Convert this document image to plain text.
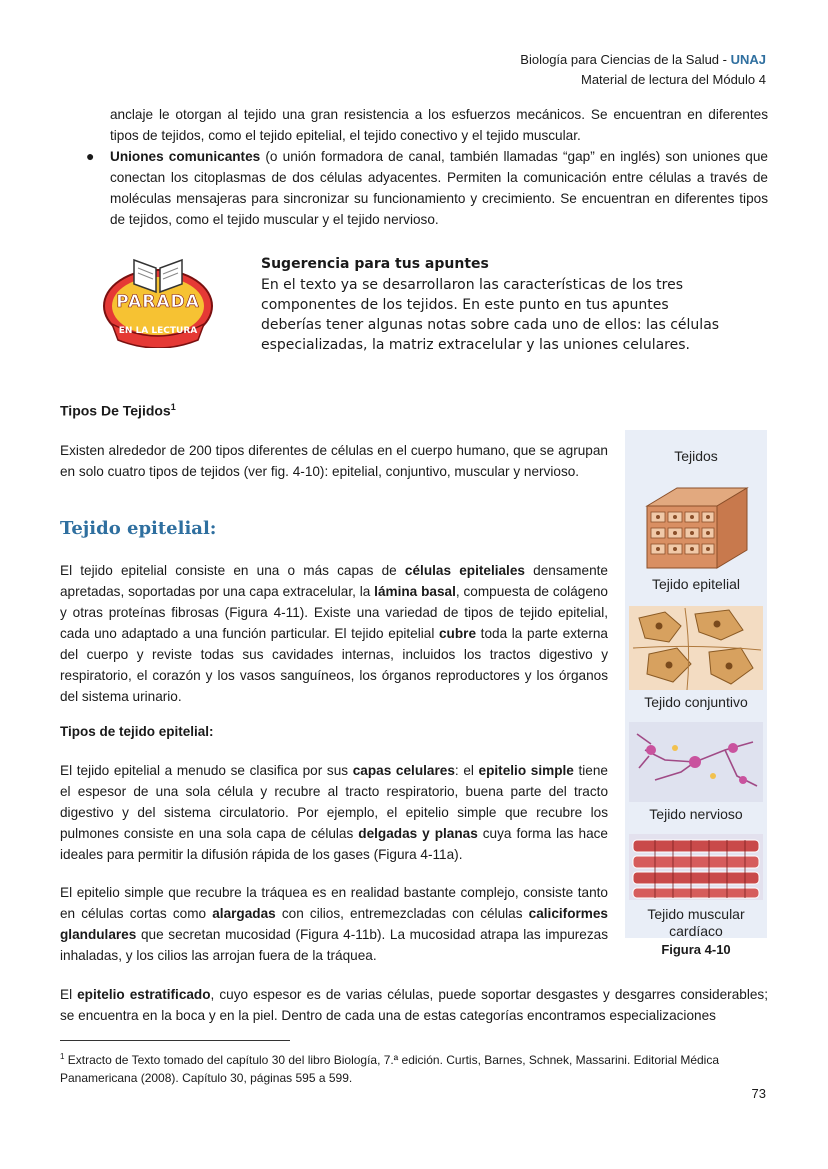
Biología para Ciencias de la Salud - UNAJ
Material de lectura del Módulo 4
anclaje le otorgan al tejido una gran resistencia a los esfuerzos mecánicos. Se encuentran en diferentes tipos de tejidos, como el tejido epitelial, el tejido conectivo y el tejido muscular.
● Uniones comunicantes (o unión formadora de canal, también llamadas “gap” en inglés) son uniones que conectan los citoplasmas de dos células adyacentes. Permiten la comunicación entre células a través de moléculas mensajeras para sincronizar su funcionamiento y crecimiento. Se encuentran en diferentes tipos de tejidos, como el tejido muscular y el tejido nervioso.
PARADA
EN LA LECTURA
Sugerencia para tus apuntes
En el texto ya se desarrollaron las características de los tres componentes de los tejidos. En este punto en tus apuntes deberías tener algunas notas sobre cada uno de ellos: las células especializadas, la matriz extracelular y las uniones celulares.
Tipos De Tejidos$^1$
Existen alrededor de 200 tipos diferentes de células en el cuerpo humano, que se agrupan en solo cuatro tipos de tejidos (ver fig. 4-10): epitelial, conjuntivo, muscular y nervioso.
Tejido epitelial:
El tejido epitelial consiste en una o más capas de células epiteliales densamente apretadas, soportadas por una capa extracelular, la lámina basal, compuesta de colágeno y otras proteínas fibrosas (Figura 4-11). Existe una variedad de tipos de tejido epitelial, cada uno adaptado a una función particular. El tejido epitelial cubre toda la parte externa del cuerpo y reviste todas sus cavidades internas, incluidos los tractos digestivo y respiratorio, el corazón y los vasos sanguíneos, los órganos reproductores y los órganos del sistema urinario.
Tipos de tejido epitelial:
El tejido epitelial a menudo se clasifica por sus capas celulares: el epitelio simple tiene el espesor de una sola célula y recubre al tracto respiratorio, buena parte del tracto digestivo y del sistema circulatorio. Por ejemplo, el epitelio simple que recubre los pulmones consiste en una sola capa de células delgadas y planas cuya forma las hace ideales para permitir la difusión rápida de los gases (Figura 4-11a).
El epitelio simple que recubre la tráquea es en realidad bastante complejo, consiste tanto en células cortas como alargadas con cilios, entremezcladas con células caliciformes glandulares que secretan mucosidad (Figura 4-11b). La mucosidad atrapa las impurezas inhaladas, y los cilios las arrojan fuera de la tráquea.
El epitelio estratificado, cuyo espesor es de varias células, puede soportar desgastes y desgarres considerables; se encuentra en la boca y en la piel. Dentro de cada una de estas categorías encontramos especializaciones
Tejidos
Tejido epitelial
Tejido conjuntivo
Tejido nervioso
Tejido muscular
cardíaco
Figura 4-10
$^1$ Extracto de Texto tomado del capítulo 30 del libro Biología, 7.ª edición. Curtis, Barnes, Schnek, Massarini. Editorial Médica Panamericana (2008). Capítulo 30, páginas 595 a 599.
73
